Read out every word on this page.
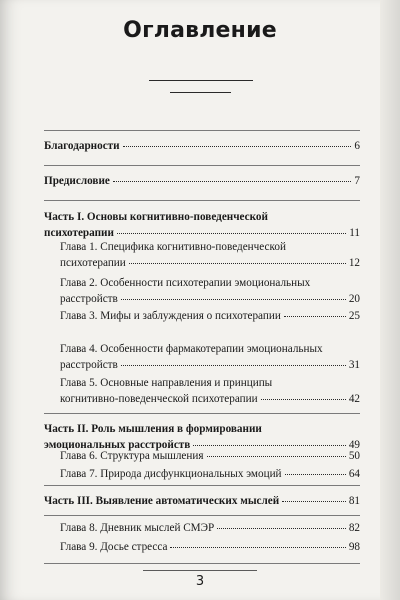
Оглавление
Благодарности	6
Предисловие	7
Часть I. Основы когнитивно-поведенческой
психотерапии	11
Глава 1. Специфика когнитивно-поведенческой
психотерапии	12
Глава 2. Особенности психотерапии эмоциональных
расстройств	20
Глава 3. Мифы и заблуждения о психотерапии	25
Глава 4. Особенности фармакотерапии эмоциональных
расстройств	31
Глава 5. Основные направления и принципы
когнитивно-поведенческой психотерапии	42
Часть II. Роль мышления в формировании
эмоциональных расстройств	49
Глава 6. Структура мышления	50
Глава 7. Природа дисфункциональных эмоций	64
Часть III. Выявление автоматических мыслей	81
Глава 8. Дневник мыслей СМЭР	82
Глава 9. Досье стресса	98
3
